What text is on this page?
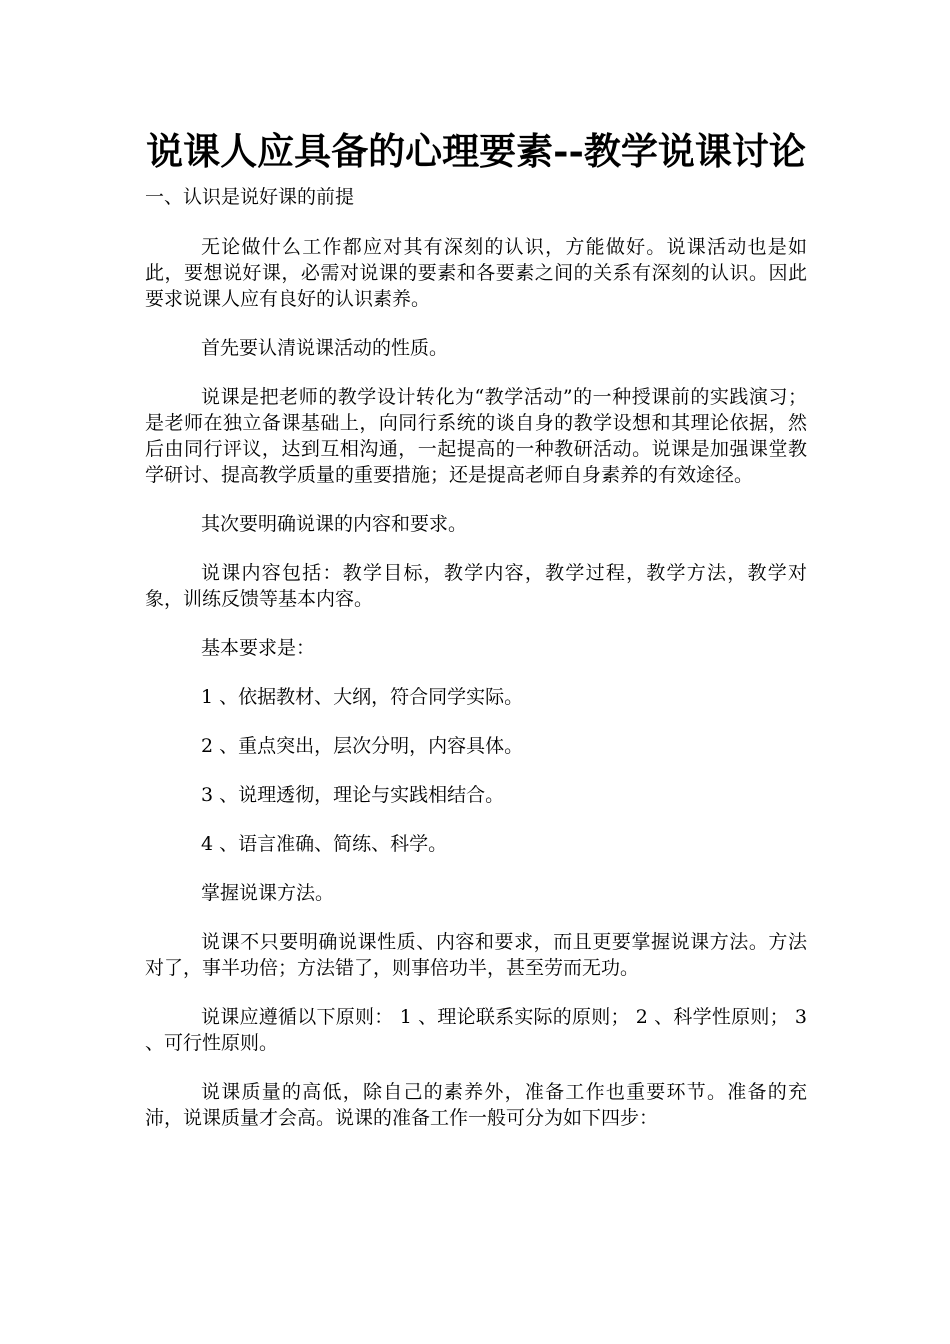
说课人应具备的心理要素--教学说课讨论

一、认识是说好课的前提

无论做什么工作都应对其有深刻的认识，方能做好。说课活动也是如此，要想说好课，必需对说课的要素和各要素之间的关系有深刻的认识。因此要求说课人应有良好的认识素养。

首先要认清说课活动的性质。

说课是把老师的教学设计转化为“教学活动”的一种授课前的实践演习；是老师在独立备课基础上，向同行系统的谈自身的教学设想和其理论依据，然后由同行评议，达到互相沟通，一起提高的一种教研活动。说课是加强课堂教学研讨、提高教学质量的重要措施；还是提高老师自身素养的有效途径。

其次要明确说课的内容和要求。

说课内容包括：教学目标，教学内容，教学过程，教学方法，教学对象，训练反馈等基本内容。

基本要求是：

1 、依据教材、大纲，符合同学实际。

2 、重点突出，层次分明，内容具体。

3 、说理透彻，理论与实践相结合。

4 、语言准确、简练、科学。

掌握说课方法。

说课不只要明确说课性质、内容和要求，而且更要掌握说课方法。方法对了，事半功倍；方法错了，则事倍功半，甚至劳而无功。

说课应遵循以下原则： 1 、理论联系实际的原则； 2 、科学性原则； 3 、可行性原则。

说课质量的高低，除自己的素养外，准备工作也重要环节。准备的充沛，说课质量才会高。说课的准备工作一般可分为如下四步：
